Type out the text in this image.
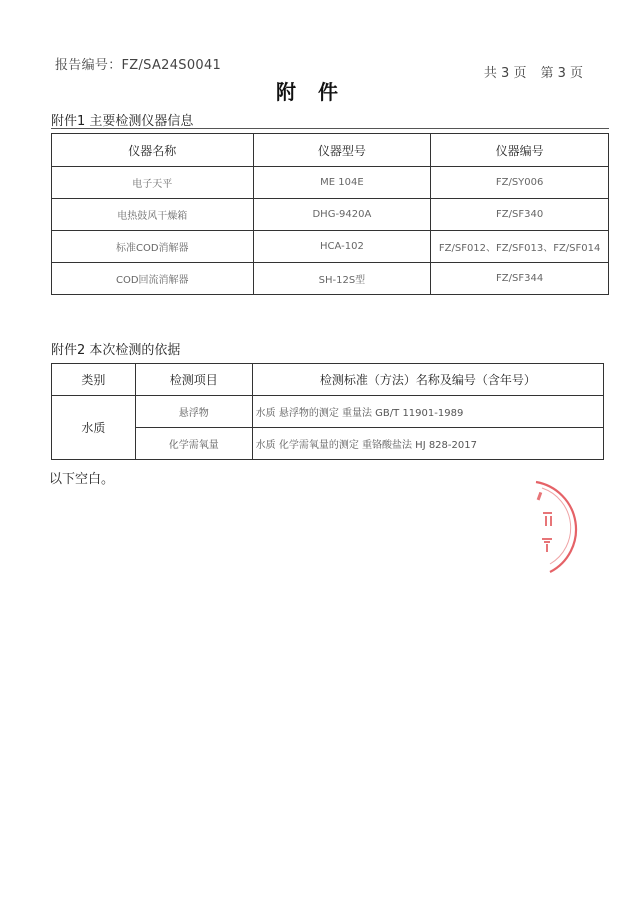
报告编号：FZ/SA24S0041
共 3 页 第 3 页
附件
附件1 主要检测仪器信息
仪器名称	仪器型号	仪器编号
电子天平	ME 104E	FZ/SY006
电热鼓风干燥箱	DHG-9420A	FZ/SF340
标准COD消解器	HCA-102	FZ/SF012、FZ/SF013、FZ/SF014
COD回流消解器	SH-12S型	FZ/SF344
附件2 本次检测的依据
类别	检测项目	检测标准（方法）名称及编号（含年号）
水质	悬浮物	水质 悬浮物的测定 重量法 GB/T 11901-1989
	化学需氧量	水质 化学需氧量的测定 重铬酸盐法 HJ 828-2017
以下空白。
